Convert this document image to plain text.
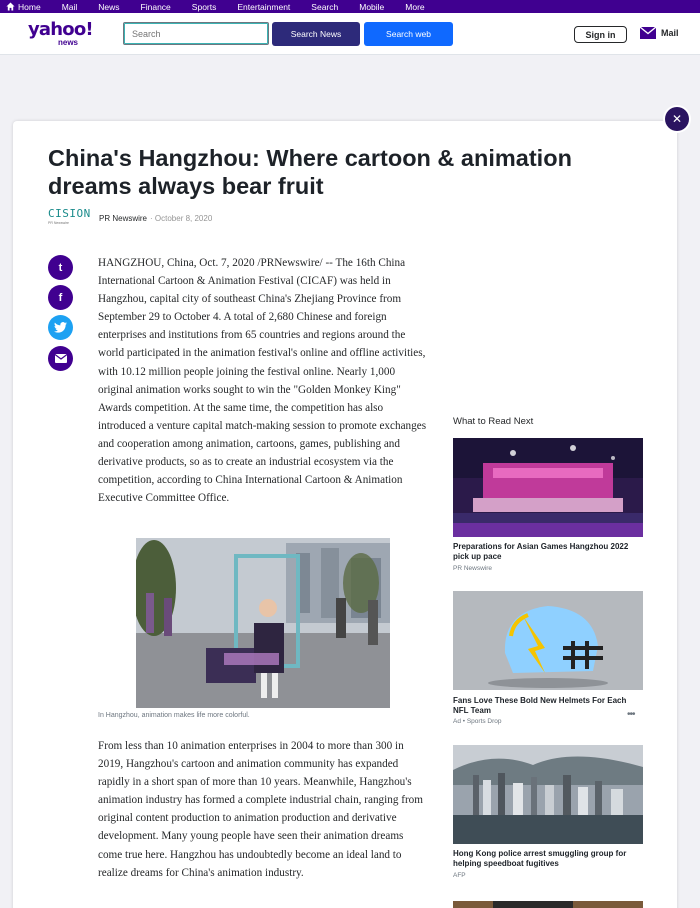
Home Mail News Finance Sports Entertainment Search Mobile More
yahoo!
news
Search
Search News	Search web	Sign in	Mail
✕
China's Hangzhou: Where cartoon & animation dreams always bear fruit
CISION
PR Newswire
PR Newswire · October 8, 2020
t
f

HANGZHOU, China, Oct. 7, 2020 /PRNewswire/ -- The 16th China International Cartoon & Animation Festival (CICAF) was held in Hangzhou, capital city of southeast China's Zhejiang Province from September 29 to October 4. A total of 2,680 Chinese and foreign enterprises and institutions from 65 countries and regions around the world participated in the animation festival's online and offline activities, with 10.12 million people joining the festival online. Nearly 1,000 original animation works sought to win the "Golden Monkey King" Awards competition. At the same time, the competition has also introduced a venture capital match-making session to promote exchanges and cooperation among animation, cartoons, games, publishing and derivative products, so as to create an industrial ecosystem via the competition, according to China International Cartoon & Animation Executive Committee Office.

In Hangzhou, animation makes life more colorful.

From less than 10 animation enterprises in 2004 to more than 300 in 2019, Hangzhou's cartoon and animation community has expanded rapidly in a short span of more than 10 years. Meanwhile, Hangzhou's animation industry has formed a complete industrial chain, ranging from original content production to animation production and derivative development. Many young people have seen their animation dreams come true here. Hangzhou has undoubtedly become an ideal land to realize dreams for China's animation industry.

What to Read Next
Preparations for Asian Games Hangzhou 2022 pick up pace
PR Newswire
Fans Love These Bold New Helmets For Each NFL Team
Ad • Sports Drop
•••
Hong Kong police arrest smuggling group for helping speedboat fugitives
AFP
